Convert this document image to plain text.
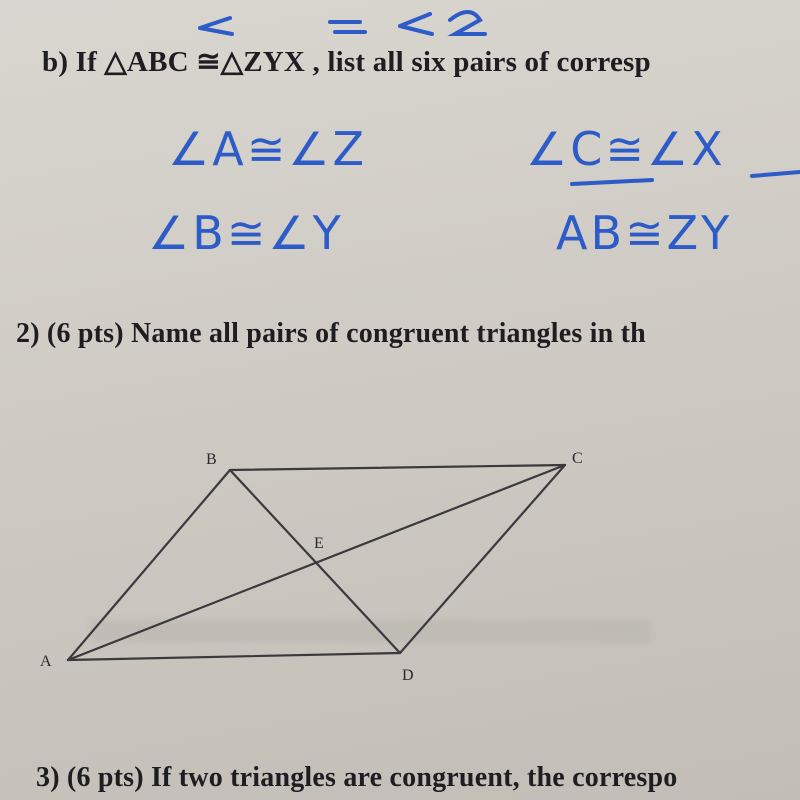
b) If △ABC ≅△ZYX , list all six pairs of corresp
∠A≅∠Z	∠C≅∠X
∠B≅∠Y	AB≅ZY
2) (6 pts) Name all pairs of congruent triangles in th
B	C
E
A
D
3) (6 pts) If two triangles are congruent, the correspo
